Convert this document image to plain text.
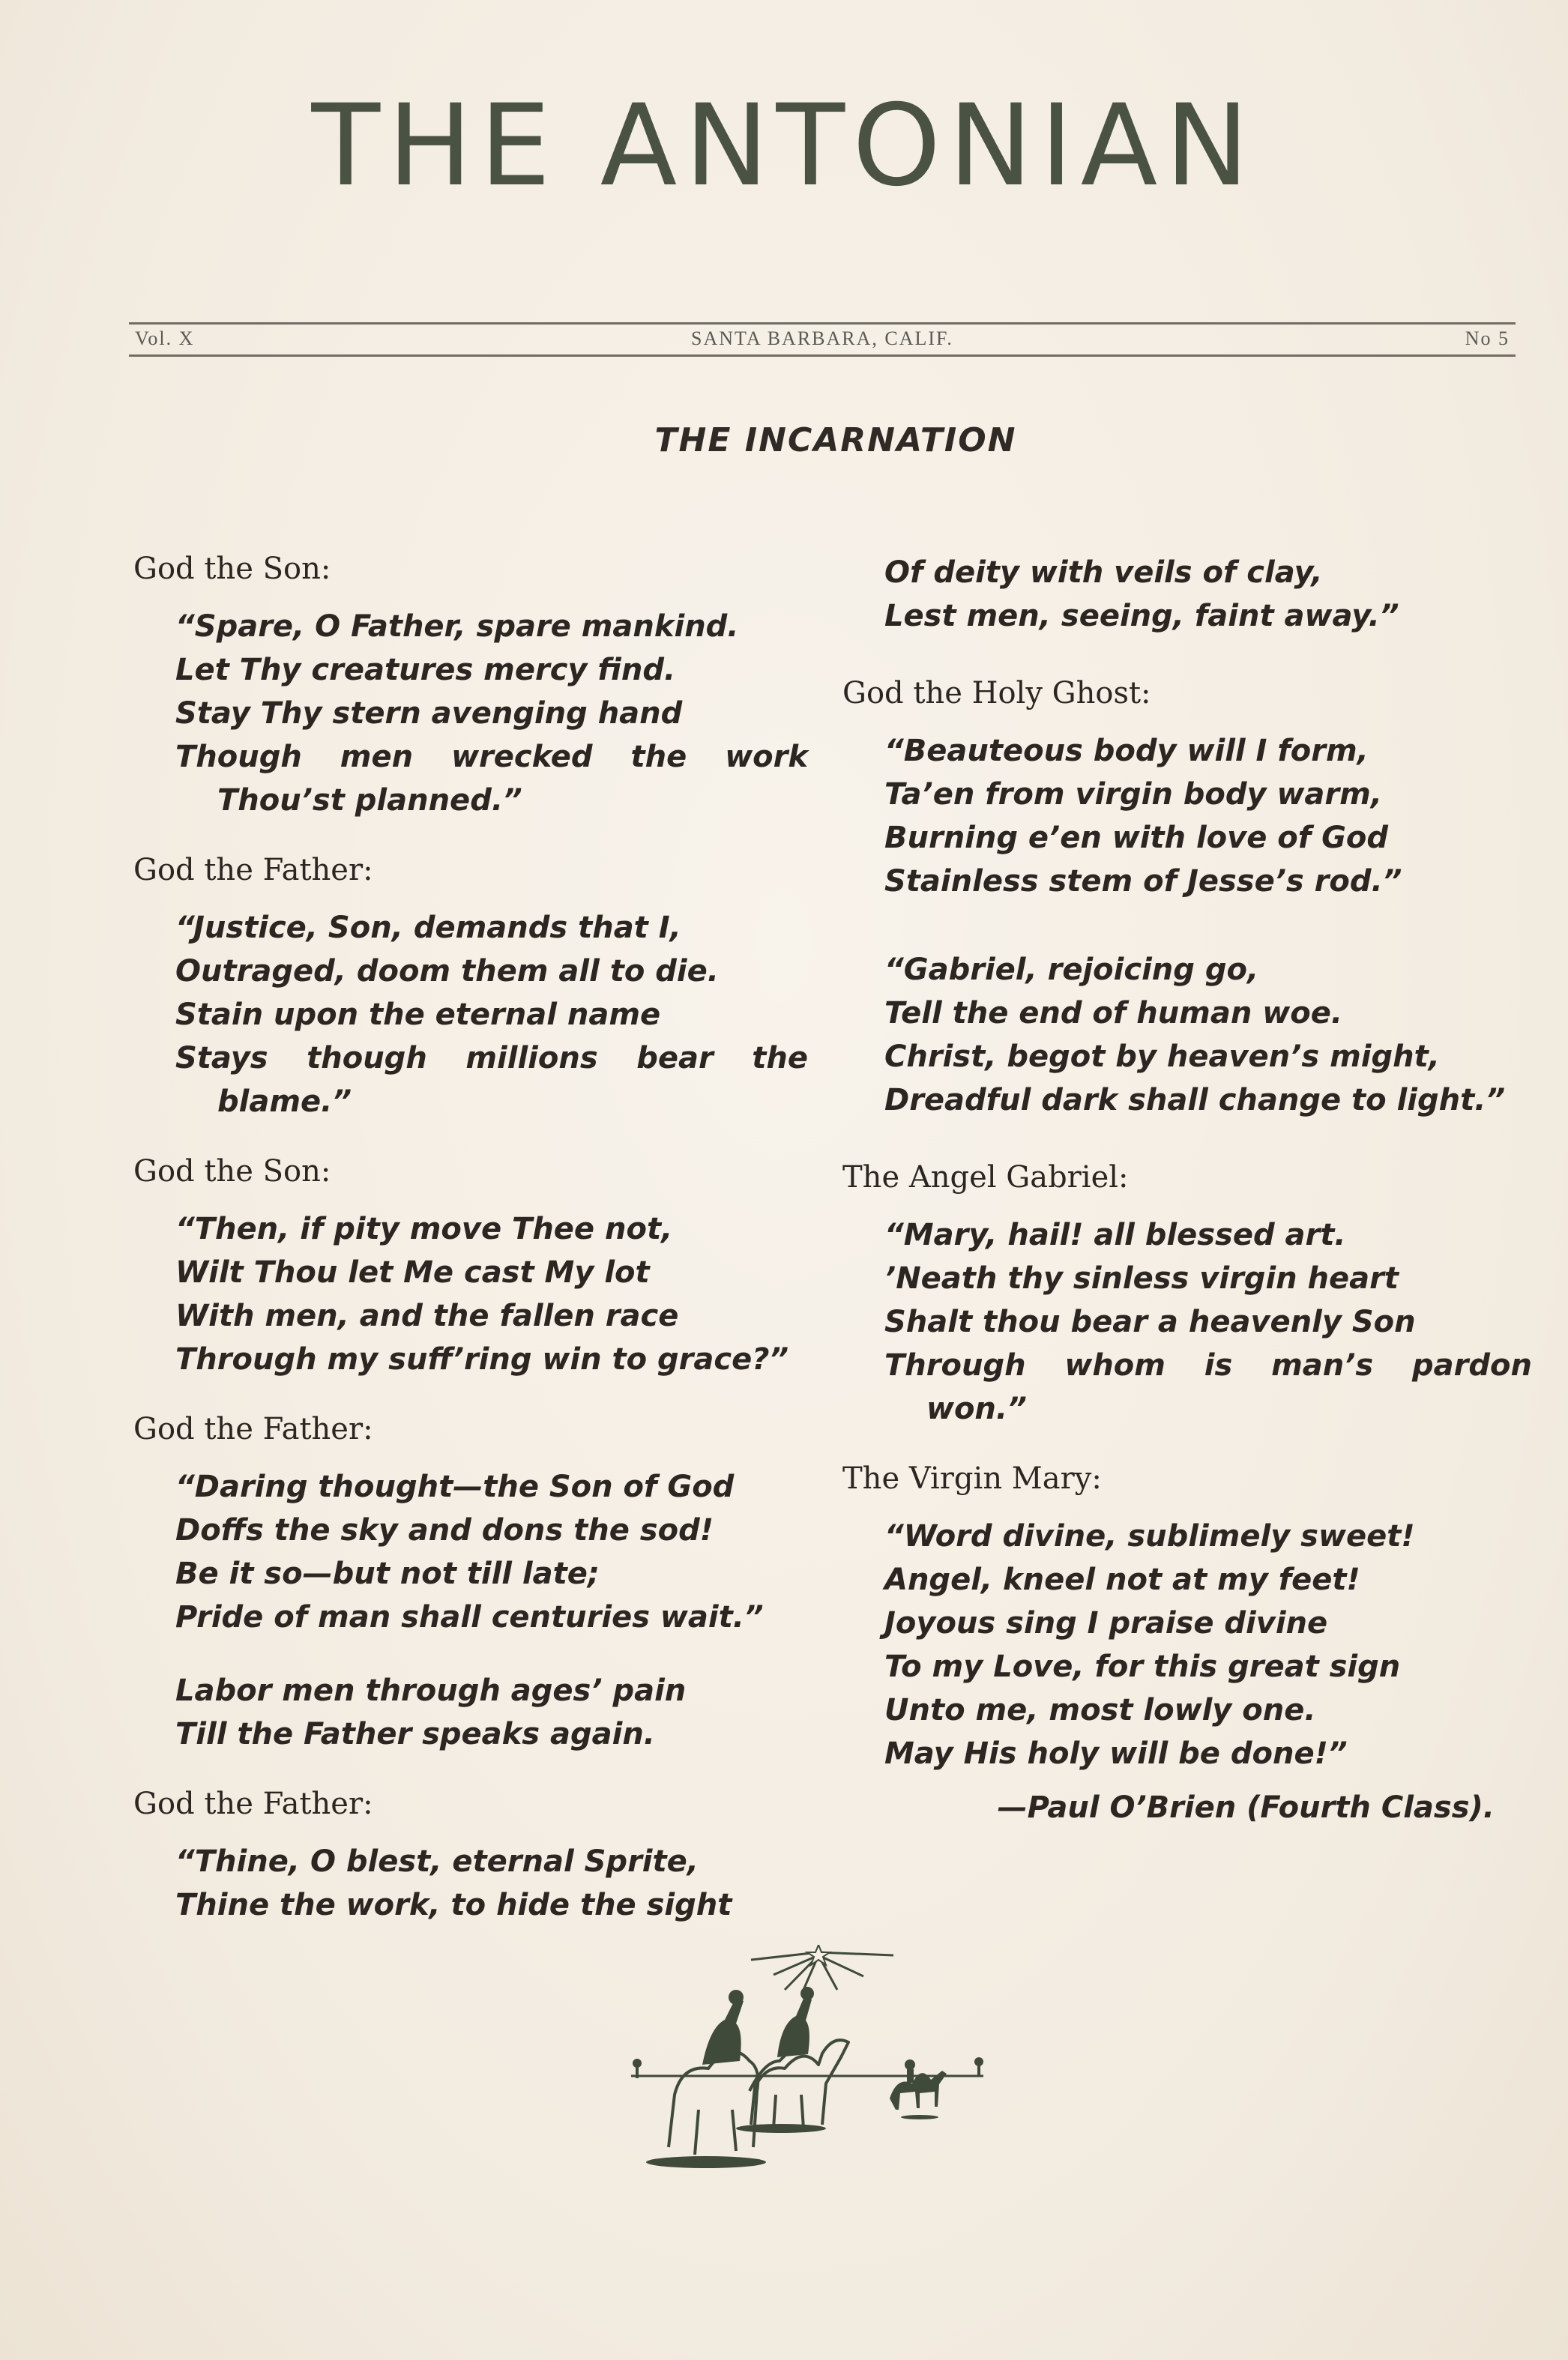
THE ANTONIAN
Vol. X	SANTA BARBARA, CALIF.	No 5
THE INCARNATION
God the Son:
“Spare, O Father, spare mankind.
Let Thy creatures mercy find.
Stay Thy stern avenging hand
Though men wrecked the work
Thou’st planned.”
God the Father:
“Justice, Son, demands that I,
Outraged, doom them all to die.
Stain upon the eternal name
Stays though millions bear the
blame.”
God the Son:
“Then, if pity move Thee not,
Wilt Thou let Me cast My lot
With men, and the fallen race
Through my suff’ring win to grace?”
God the Father:
“Daring thought—the Son of God
Doffs the sky and dons the sod!
Be it so—but not till late;
Pride of man shall centuries wait.”
Labor men through ages’ pain
Till the Father speaks again.
God the Father:
“Thine, O blest, eternal Sprite,
Thine the work, to hide the sight
Of deity with veils of clay,
Lest men, seeing, faint away.”
God the Holy Ghost:
“Beauteous body will I form,
Ta’en from virgin body warm,
Burning e’en with love of God
Stainless stem of Jesse’s rod.”
“Gabriel, rejoicing go,
Tell the end of human woe.
Christ, begot by heaven’s might,
Dreadful dark shall change to light.”
The Angel Gabriel:
“Mary, hail! all blessed art.
’Neath thy sinless virgin heart
Shalt thou bear a heavenly Son
Through whom is man’s pardon
won.”
The Virgin Mary:
“Word divine, sublimely sweet!
Angel, kneel not at my feet!
Joyous sing I praise divine
To my Love, for this great sign
Unto me, most lowly one.
May His holy will be done!”
—Paul O’Brien (Fourth Class).
